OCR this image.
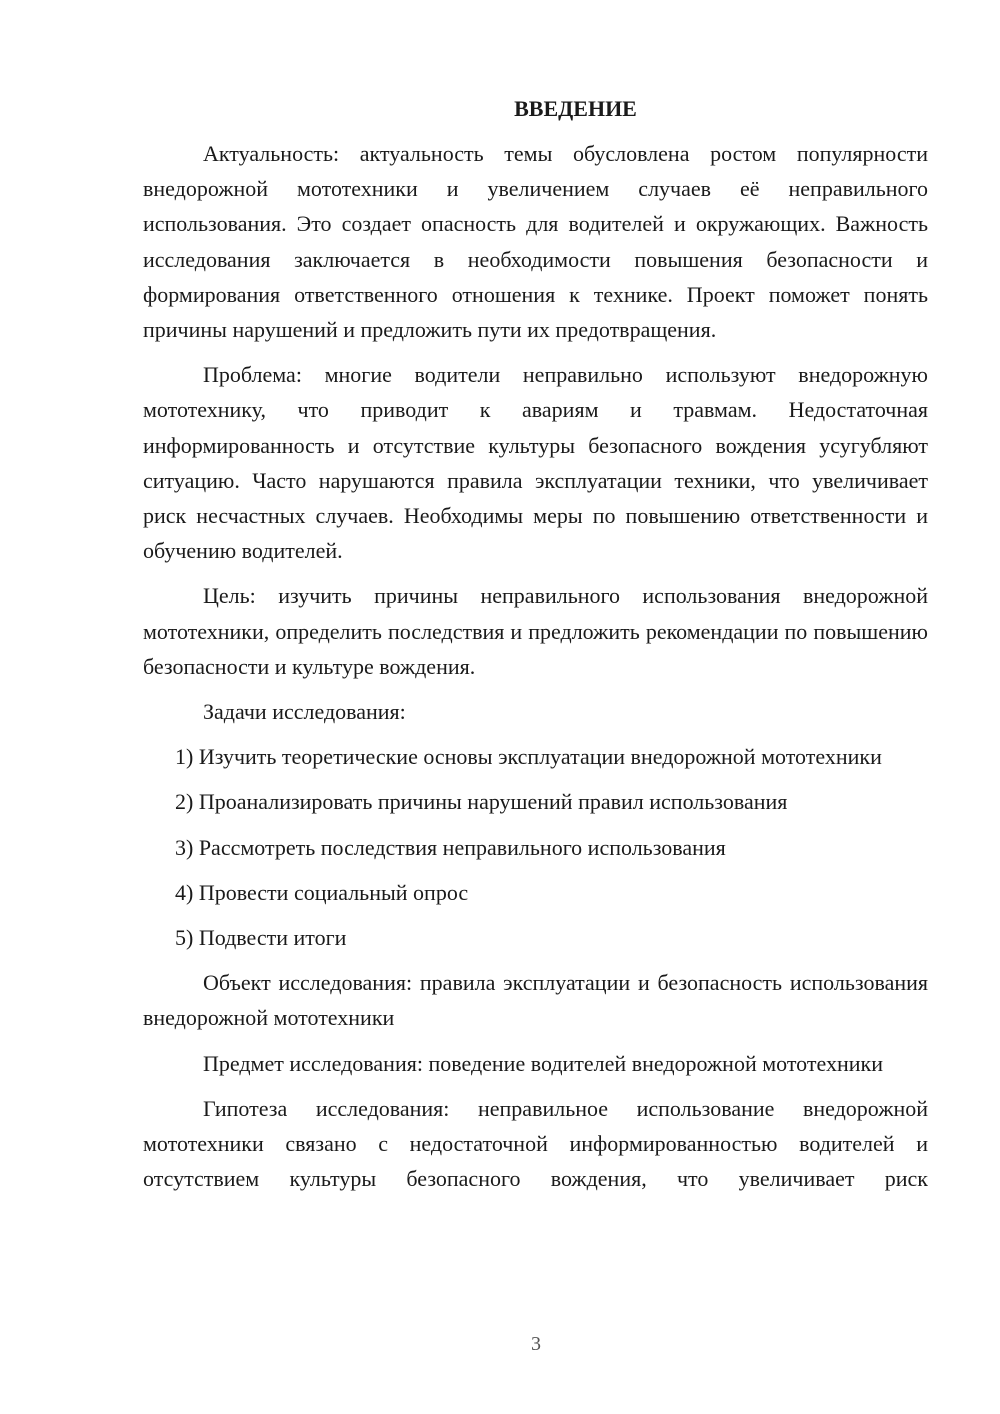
ВВЕДЕНИЕ

Актуальность: актуальность темы обусловлена ростом популярности внедорожной мототехники и увеличением случаев её неправильного использования. Это создает опасность для водителей и окружающих. Важность исследования заключается в необходимости повышения безопасности и формирования ответственного отношения к технике. Проект поможет понять причины нарушений и предложить пути их предотвращения.

Проблема: многие водители неправильно используют внедорожную мототехнику, что приводит к авариям и травмам. Недостаточная информированность и отсутствие культуры безопасного вождения усугубляют ситуацию. Часто нарушаются правила эксплуатации техники, что увеличивает риск несчастных случаев. Необходимы меры по повышению ответственности и обучению водителей.

Цель: изучить причины неправильного использования внедорожной мототехники, определить последствия и предложить рекомендации по повышению безопасности и культуре вождения.

Задачи исследования:

1) Изучить теоретические основы эксплуатации внедорожной мототехники

2) Проанализировать причины нарушений правил использования

3) Рассмотреть последствия неправильного использования

4) Провести социальный опрос

5) Подвести итоги

Объект исследования: правила эксплуатации и безопасность использования внедорожной мототехники

Предмет исследования: поведение водителей внедорожной мототехники

Гипотеза исследования: неправильное использование внедорожной мототехники связано с недостаточной информированностью водителей и отсутствием культуры безопасного вождения, что увеличивает риск

3
